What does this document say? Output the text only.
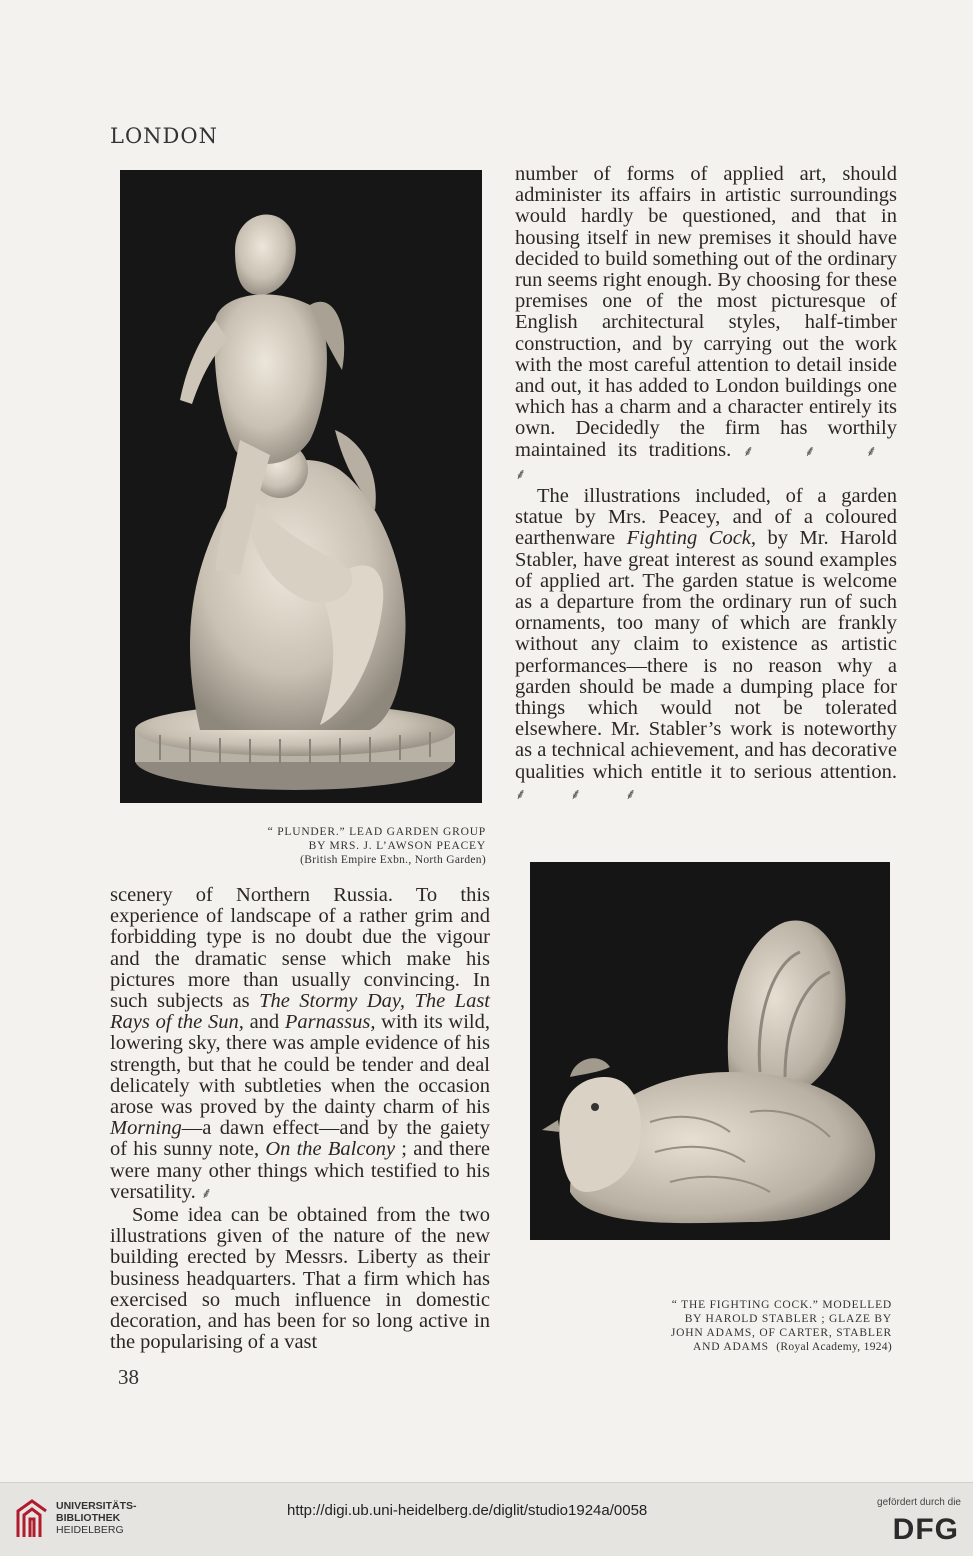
LONDON
“ PLUNDER.” LEAD GARDEN GROUP
BY MRS. J. L’AWSON PEACEY
(British Empire Exbn., North Garden)

number of forms of applied art, should administer its affairs in artistic surroundings would hardly be questioned, and that in housing itself in new premises it should have decided to build something out of the ordinary run seems right enough. By choosing for these premises one of the most picturesque of English architectural styles, half-timber construction, and by carrying out the work with the most careful attention to detail inside and out, it has added to London buildings one which has a charm and a character entirely its own. Decidedly the firm has worthily maintained its traditions. ⸙ ⸙ ⸙ ⸙

The illustrations included, of a garden statue by Mrs. Peacey, and of a coloured earthenware Fighting Cock, by Mr. Harold Stabler, have great interest as sound examples of applied art. The garden statue is welcome as a departure from the ordinary run of such ornaments, too many of which are frankly without any claim to existence as artistic performances—there is no reason why a garden should be made a dumping place for things which would not be tolerated elsewhere. Mr. Stabler’s work is noteworthy as a technical achievement, and has decorative qualities which entitle it to serious attention. ⸙ ⸙ ⸙

“ THE FIGHTING COCK.” MODELLED
BY HAROLD STABLER ; GLAZE BY
JOHN ADAMS, OF CARTER, STABLER
AND ADAMS (Royal Academy, 1924)

scenery of Northern Russia. To this experience of landscape of a rather grim and forbidding type is no doubt due the vigour and the dramatic sense which make his pictures more than usually convincing. In such subjects as The Stormy Day, The Last Rays of the Sun, and Parnassus, with its wild, lowering sky, there was ample evidence of his strength, but that he could be tender and deal delicately with subtleties when the occasion arose was proved by the dainty charm of his Morning—a dawn effect—and by the gaiety of his sunny note, On the Balcony ; and there were many other things which testified to his versatility. ⸙

Some idea can be obtained from the two illustrations given of the nature of the new building erected by Messrs. Liberty as their business headquarters. That a firm which has exercised so much influence in domestic decoration, and has been for so long active in the popularising of a vast

38
UNIVERSITÄTS-
BIBLIOTHEK
HEIDELBERG
http://digi.ub.uni-heidelberg.de/diglit/studio1924a/0058	gefördert durch die
DFG
